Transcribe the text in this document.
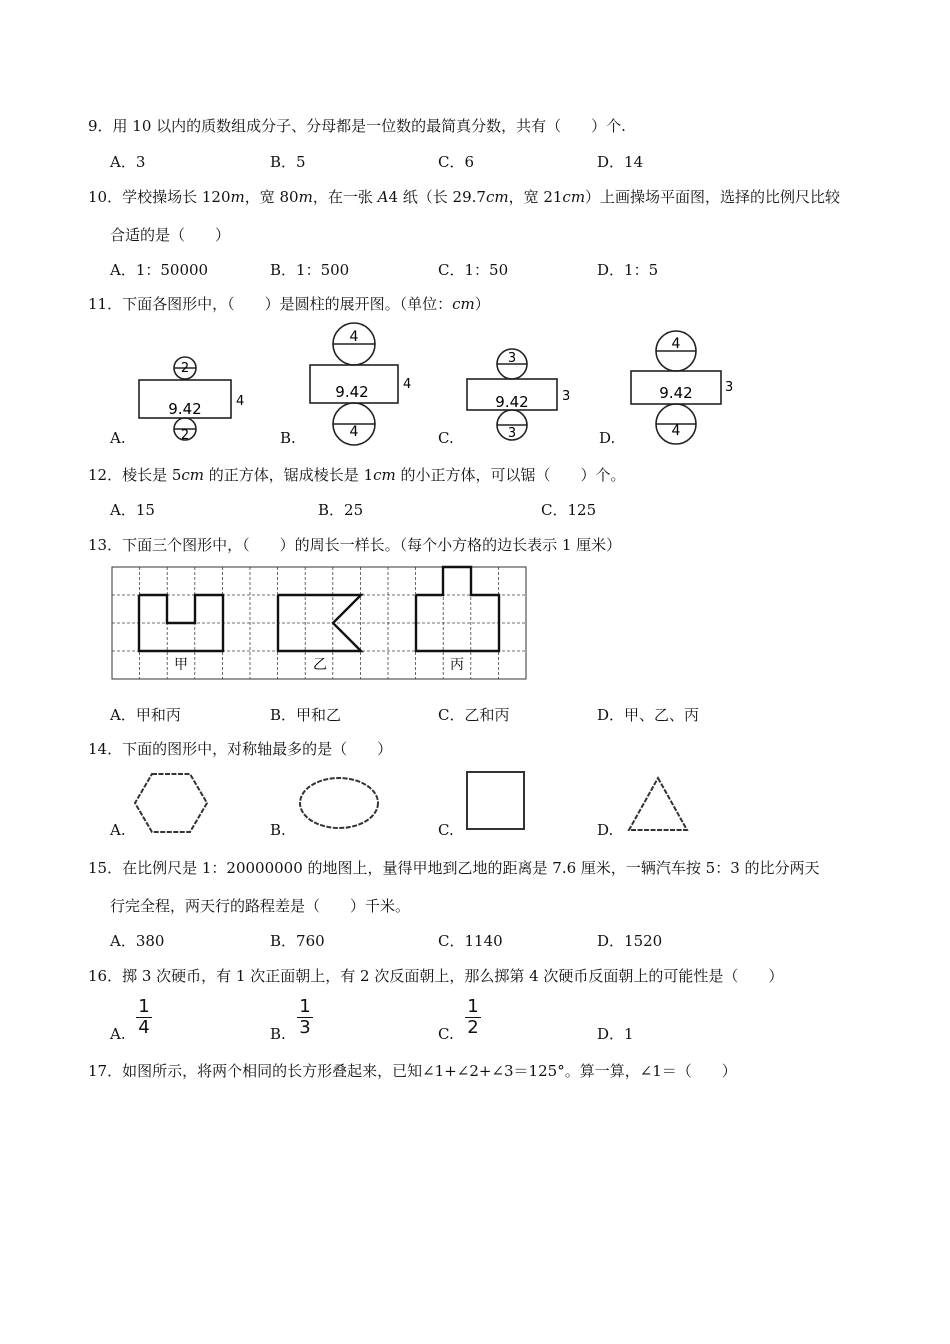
9．用 10 以内的质数组成分子、分母都是一位数的最简真分数，共有（　　）个.
A．3	B．5	C．6	D．14
10．学校操场长 120m，宽 80m，在一张 A4 纸（长 29.7cm，宽 21cm）上画操场平面图，选择的比例尺比较
合适的是（　　）
A．1：50000	B．1：500	C．1：50	D．1：5
11．下面各图形中，（　　）是圆柱的展开图。（单位：cm）
A.	B.	C.	D.
2
9.42	4
2
4
9.42	4
4
3
9.42	3
3
4
9.42 3
4
甲	乙	丙
12．棱长是 5cm 的正方体，锯成棱长是 1cm 的小正方体，可以锯（　　）个。
A．15	B．25	C．125
13．下面三个图形中，（　　）的周长一样长。（每个小方格的边长表示 1 厘米）
A．甲和丙	B．甲和乙	C．乙和丙	D．甲、乙、丙
14．下面的图形中，对称轴最多的是（　　）
A.	B.	C.	D.
15．在比例尺是 1：20000000 的地图上，量得甲地到乙地的距离是 7.6 厘米，一辆汽车按 5：3 的比分两天
行完全程，两天行的路程差是（　　）千米。
A．380	B．760	C．1140	D．1520
16．掷 3 次硬币，有 1 次正面朝上，有 2 次反面朝上，那么掷第 4 次硬币反面朝上的可能性是（　　）
A.
1
4	B.
1
3	C.
1
2	D．1
17．如图所示，将两个相同的长方形叠起来，已知∠1+∠2+∠3＝125°。算一算，∠1＝（　　）
